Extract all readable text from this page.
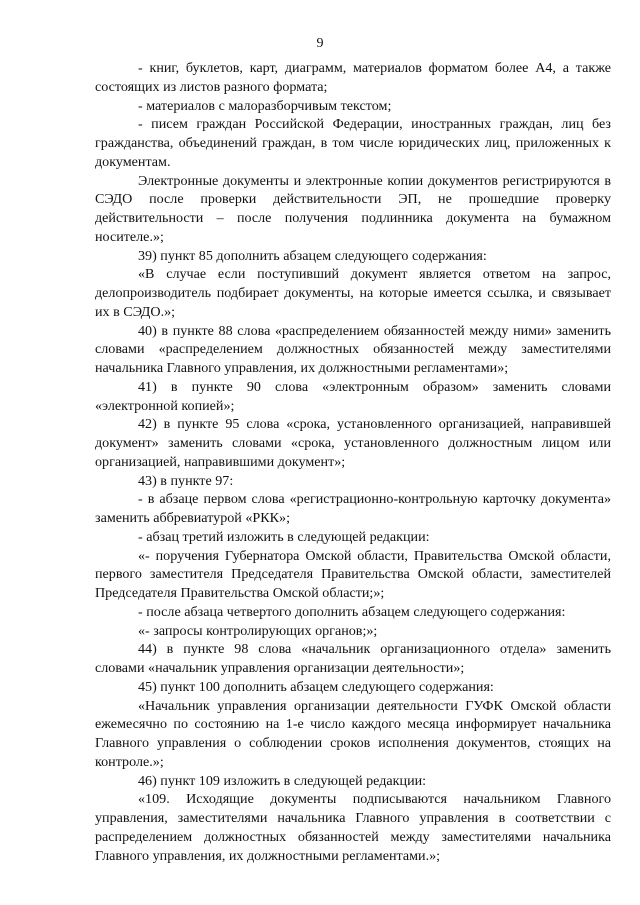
9

- книг, буклетов, карт, диаграмм, материалов форматом более А4, а также состоящих из листов разного формата;

- материалов с малоразборчивым текстом;

- писем граждан Российской Федерации, иностранных граждан, лиц без гражданства, объединений граждан, в том числе юридических лиц, приложенных к документам.

Электронные документы и электронные копии документов регистрируются в СЭДО после проверки действительности ЭП, не прошедшие проверку действительности – после получения подлинника документа на бумажном носителе.»;

39) пункт 85 дополнить абзацем следующего содержания:

«В случае если поступивший документ является ответом на запрос, делопроизводитель подбирает документы, на которые имеется ссылка, и связывает их в СЭДО.»;

40) в пункте 88 слова «распределением обязанностей между ними» заменить словами «распределением должностных обязанностей между заместителями начальника Главного управления, их должностными регламентами»;

41) в пункте 90 слова «электронным образом» заменить словами «электронной копией»;

42) в пункте 95 слова «срока, установленного организацией, направившей документ» заменить словами «срока, установленного должностным лицом или организацией, направившими документ»;

43) в пункте 97:

- в абзаце первом слова «регистрационно-контрольную карточку документа» заменить аббревиатурой «РКК»;

- абзац третий изложить в следующей редакции:

«- поручения Губернатора Омской области, Правительства Омской области, первого заместителя Председателя Правительства Омской области, заместителей Председателя Правительства Омской области;»;

- после абзаца четвертого дополнить абзацем следующего содержания:

«- запросы контролирующих органов;»;

44) в пункте 98 слова «начальник организационного отдела» заменить словами «начальник управления организации деятельности»;

45) пункт 100 дополнить абзацем следующего содержания:

«Начальник управления организации деятельности ГУФК Омской области ежемесячно по состоянию на 1-е число каждого месяца информирует начальника Главного управления о соблюдении сроков исполнения документов, стоящих на контроле.»;

46) пункт 109 изложить в следующей редакции:

«109. Исходящие документы подписываются начальником Главного управления, заместителями начальника Главного управления в соответствии с распределением должностных обязанностей между заместителями начальника Главного управления, их должностными регламентами.»;
